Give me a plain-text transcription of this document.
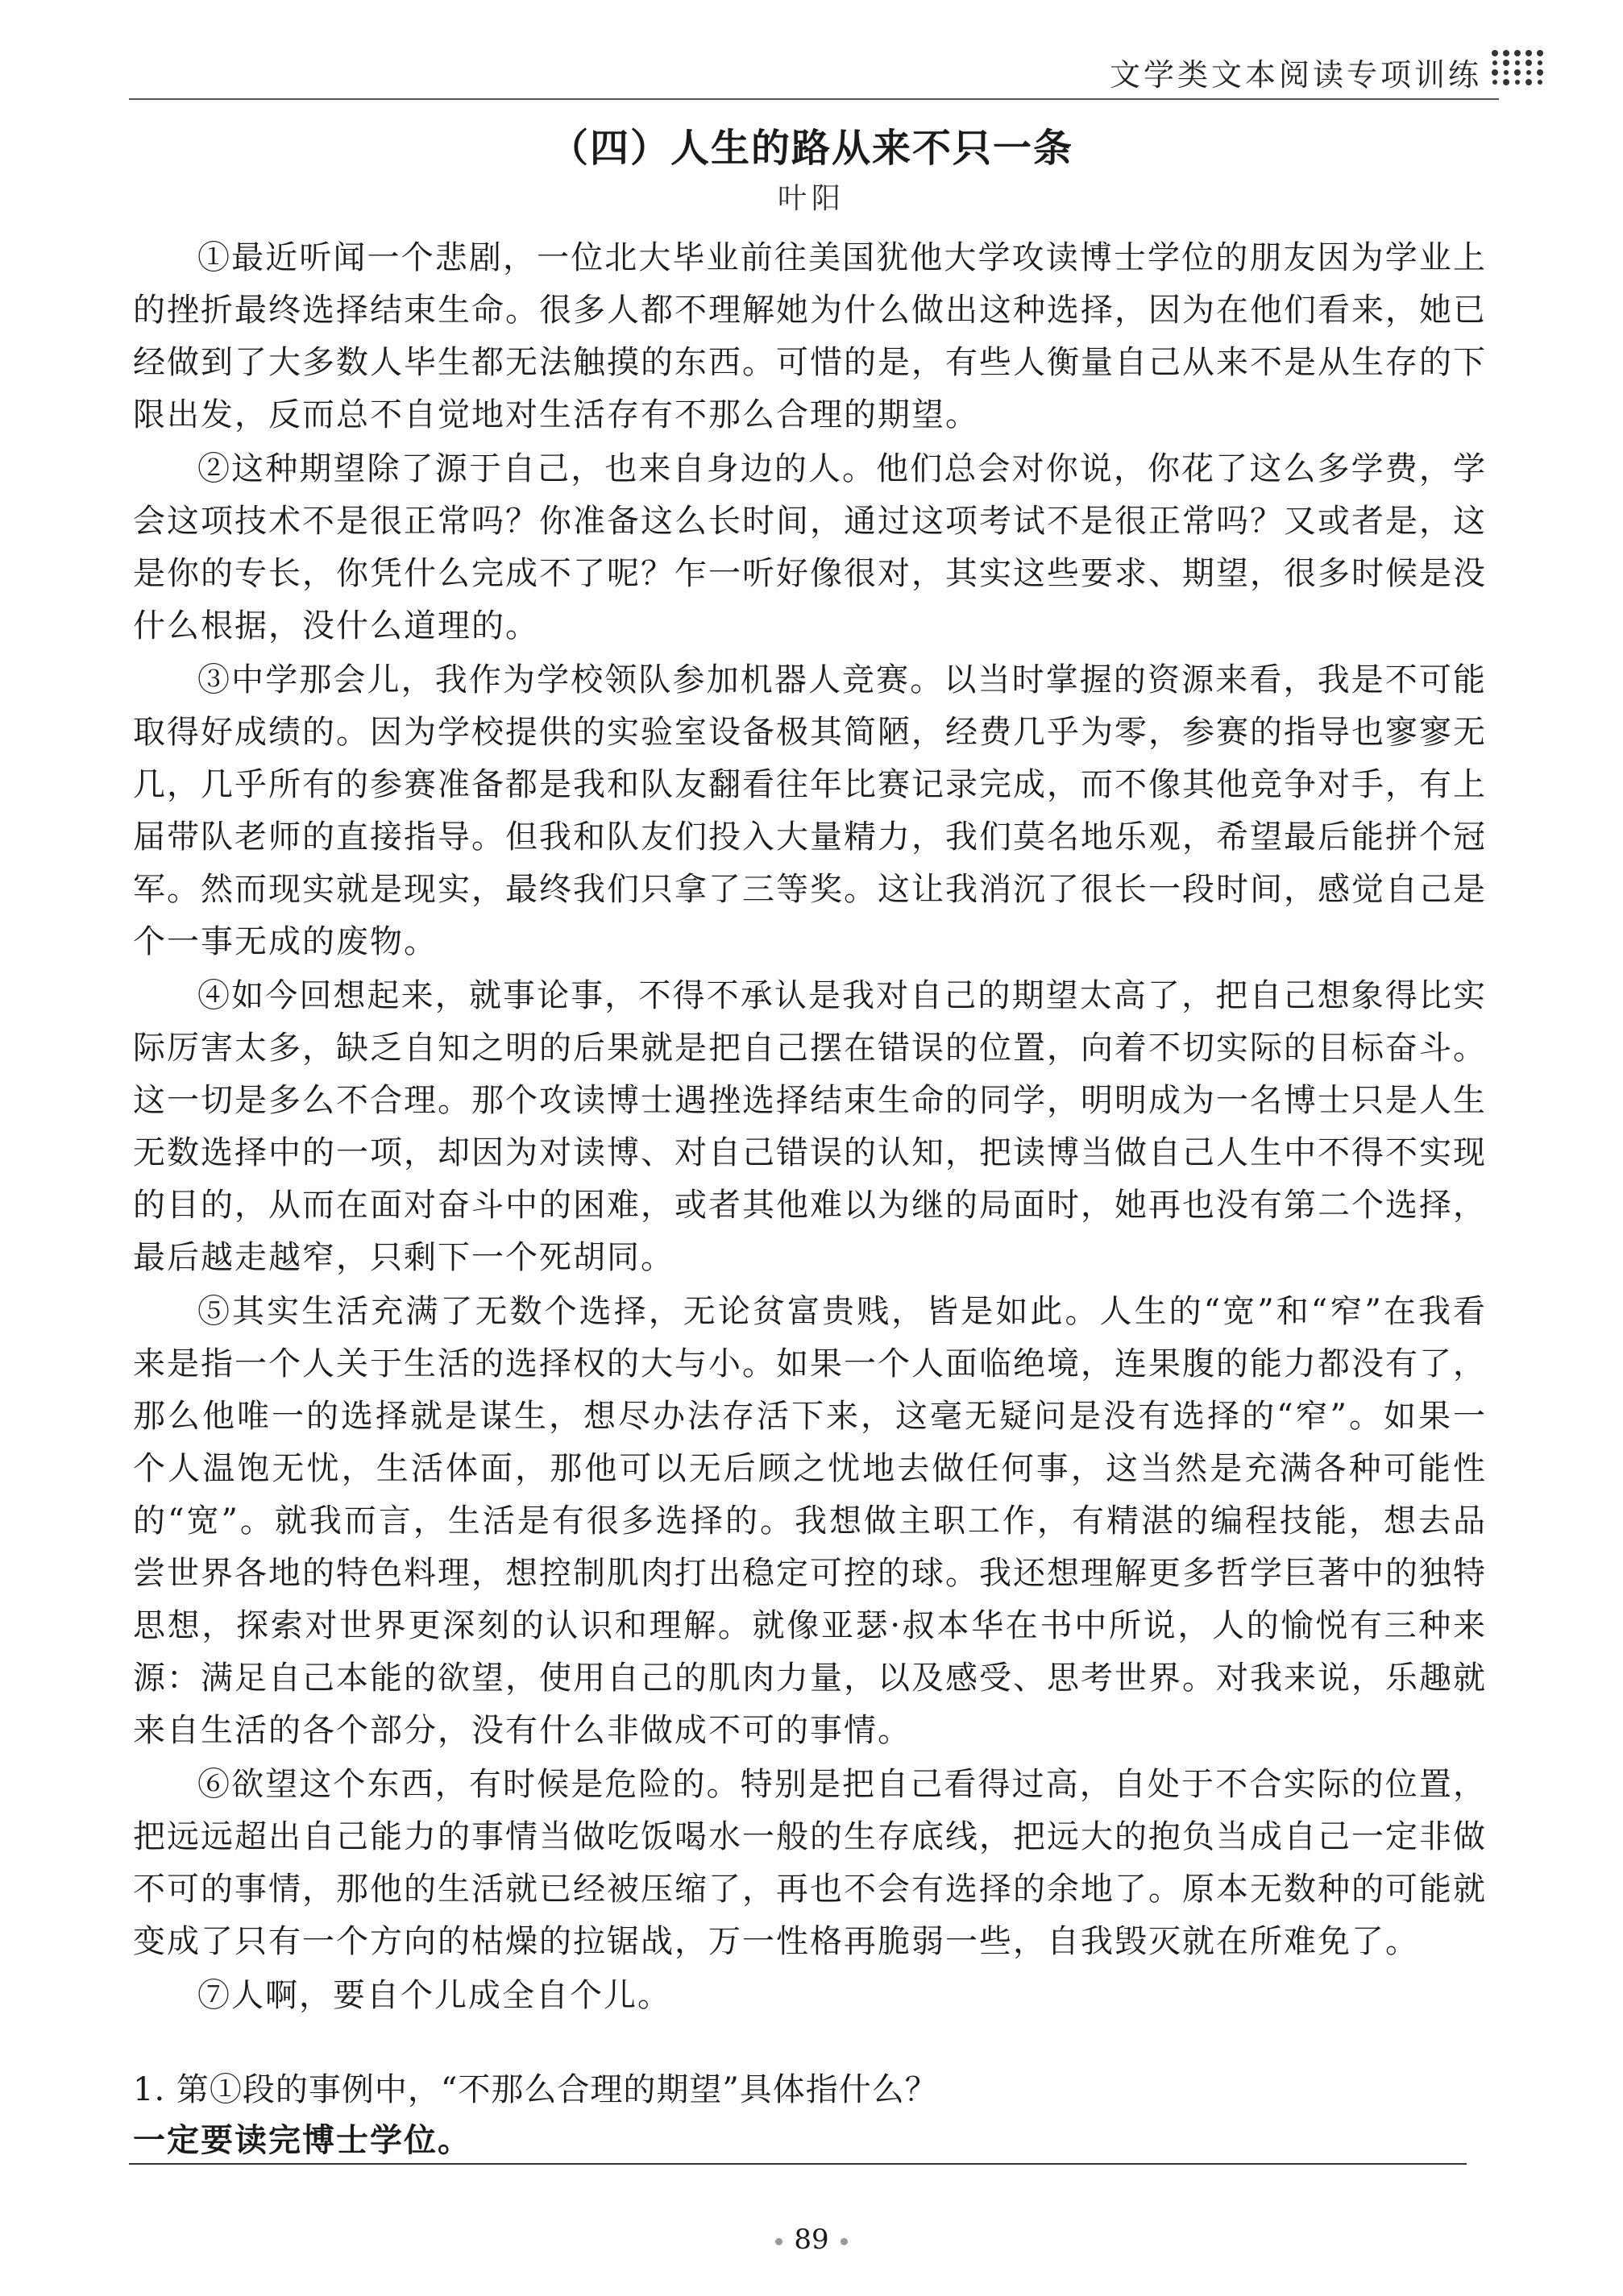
文学类文本阅读专项训练
（四）人生的路从来不只一条
叶阳

①最近听闻一个悲剧，一位北大毕业前往美国犹他大学攻读博士学位的朋友因为学业上的挫折最终选择结束生命。很多人都不理解她为什么做出这种选择，因为在他们看来，她已经做到了大多数人毕生都无法触摸的东西。可惜的是，有些人衡量自己从来不是从生存的下限出发，反而总不自觉地对生活存有不那么合理的期望。

②这种期望除了源于自己，也来自身边的人。他们总会对你说，你花了这么多学费，学会这项技术不是很正常吗？你准备这么长时间，通过这项考试不是很正常吗？又或者是，这是你的专长，你凭什么完成不了呢？乍一听好像很对，其实这些要求、期望，很多时候是没什么根据，没什么道理的。

③中学那会儿，我作为学校领队参加机器人竞赛。以当时掌握的资源来看，我是不可能取得好成绩的。因为学校提供的实验室设备极其简陋，经费几乎为零，参赛的指导也寥寥无几，几乎所有的参赛准备都是我和队友翻看往年比赛记录完成，而不像其他竞争对手，有上届带队老师的直接指导。但我和队友们投入大量精力，我们莫名地乐观，希望最后能拼个冠军。然而现实就是现实，最终我们只拿了三等奖。这让我消沉了很长一段时间，感觉自己是个一事无成的废物。

④如今回想起来，就事论事，不得不承认是我对自己的期望太高了，把自己想象得比实际厉害太多，缺乏自知之明的后果就是把自己摆在错误的位置，向着不切实际的目标奋斗。这一切是多么不合理。那个攻读博士遇挫选择结束生命的同学，明明成为一名博士只是人生无数选择中的一项，却因为对读博、对自己错误的认知，把读博当做自己人生中不得不实现的目的，从而在面对奋斗中的困难，或者其他难以为继的局面时，她再也没有第二个选择，最后越走越窄，只剩下一个死胡同。

⑤其实生活充满了无数个选择，无论贫富贵贱，皆是如此。人生的“宽”和“窄”在我看来是指一个人关于生活的选择权的大与小。如果一个人面临绝境，连果腹的能力都没有了，那么他唯一的选择就是谋生，想尽办法存活下来，这毫无疑问是没有选择的“窄”。如果一个人温饱无忧，生活体面，那他可以无后顾之忧地去做任何事，这当然是充满各种可能性的“宽”。就我而言，生活是有很多选择的。我想做主职工作，有精湛的编程技能，想去品尝世界各地的特色料理，想控制肌肉打出稳定可控的球。我还想理解更多哲学巨著中的独特思想，探索对世界更深刻的认识和理解。就像亚瑟·叔本华在书中所说，人的愉悦有三种来源：满足自己本能的欲望，使用自己的肌肉力量，以及感受、思考世界。对我来说，乐趣就来自生活的各个部分，没有什么非做成不可的事情。

⑥欲望这个东西，有时候是危险的。特别是把自己看得过高，自处于不合实际的位置，把远远超出自己能力的事情当做吃饭喝水一般的生存底线，把远大的抱负当成自己一定非做不可的事情，那他的生活就已经被压缩了，再也不会有选择的余地了。原本无数种的可能就变成了只有一个方向的枯燥的拉锯战，万一性格再脆弱一些，自我毁灭就在所难免了。

⑦人啊，要自个儿成全自个儿。

1. 第①段的事例中，“不那么合理的期望”具体指什么？
一定要读完博士学位。
89
